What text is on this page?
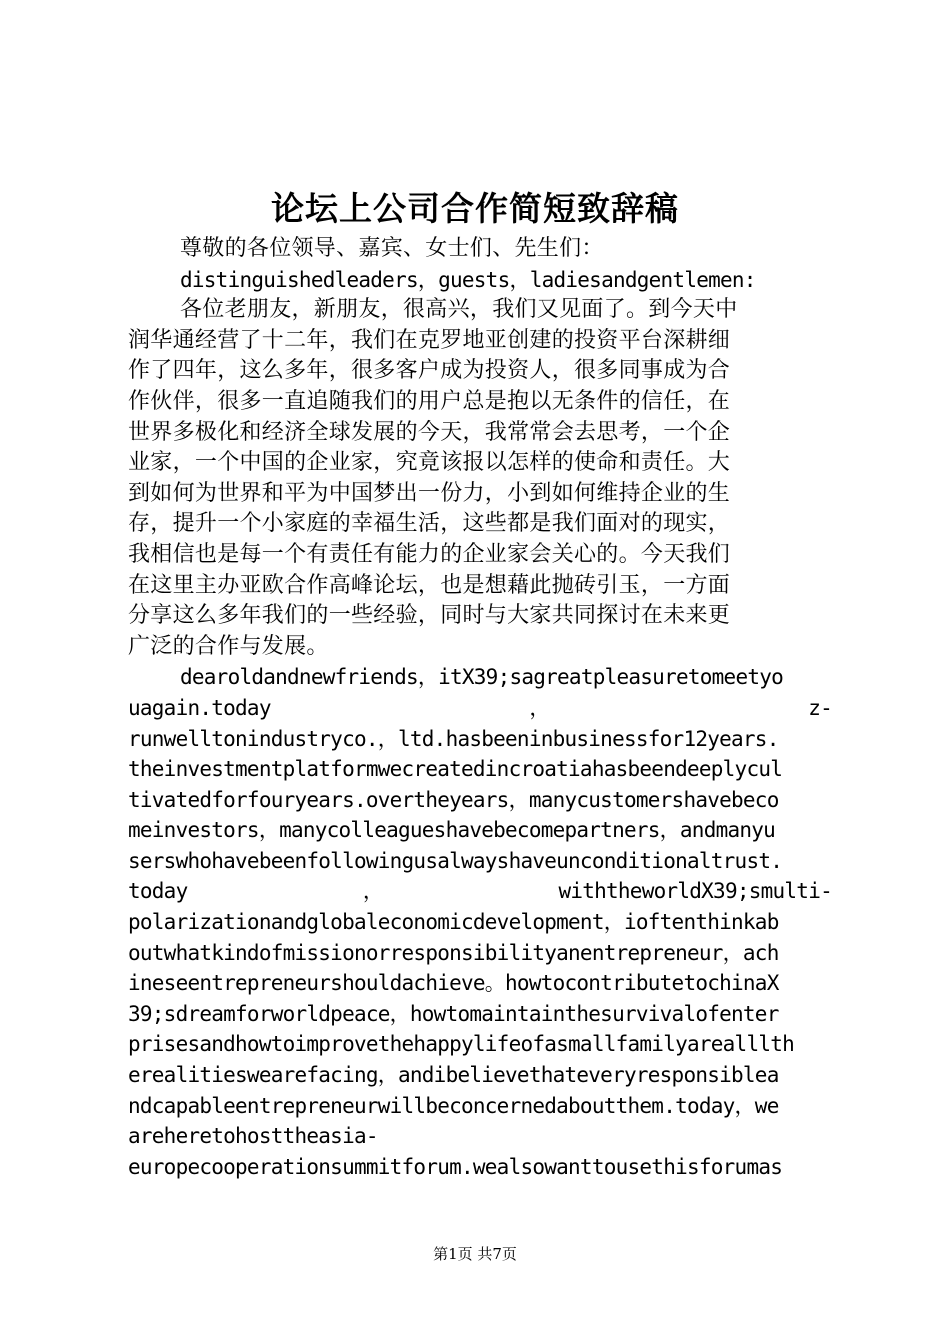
论坛上公司合作简短致辞稿
尊敬的各位领导、嘉宾、女士们、先生们：
distinguishedleaders，guests，ladiesandgentlemen:
各位老朋友，新朋友，很高兴，我们又见面了。到今天中
润华通经营了十二年，我们在克罗地亚创建的投资平台深耕细
作了四年，这么多年，很多客户成为投资人，很多同事成为合
作伙伴，很多一直追随我们的用户总是抱以无条件的信任，在
世界多极化和经济全球发展的今天，我常常会去思考，一个企
业家，一个中国的企业家，究竟该报以怎样的使命和责任。大
到如何为世界和平为中国梦出一份力，小到如何维持企业的生
存，提升一个小家庭的幸福生活，这些都是我们面对的现实，
我相信也是每一个有责任有能力的企业家会关心的。今天我们
在这里主办亚欧合作高峰论坛，也是想藉此抛砖引玉，一方面
分享这么多年我们的一些经验，同时与大家共同探讨在未来更
广泛的合作与发展。
dearoldandnewfriends，itX39;sagreatpleasuretomeetyo
uagain.today	，	z-
runwelltonindustryco.，ltd.hasbeeninbusinessfor12years.
theinvestmentplatformwecreatedincroatiahasbeendeeplycul
tivatedforfouryears.overtheyears，manycustomershavebeco
meinvestors，manycolleagueshavebecomepartners，andmanyu
serswhohavebeenfollowingusalwayshaveunconditionaltrust.
today	，	withtheworldX39;smulti-
polarizationandglobaleconomicdevelopment，ioftenthinkab
outwhatkindofmissionorresponsibilityanentrepreneur，ach
ineseentrepreneurshouldachieve。howtocontributetochinaX
39;sdreamforworldpeace，howtomaintainthesurvivalofenter
prisesandhowtoimprovethehappylifeofasmallfamilyarealllth
erealitieswearefacing，andibelievethateveryresponsiblea
ndcapableentrepreneurwillbeconcernedaboutthem.today，we
areheretohosttheasia-
europecooperationsummitforum.wealsowanttousethisforumas
第1页 共7页
